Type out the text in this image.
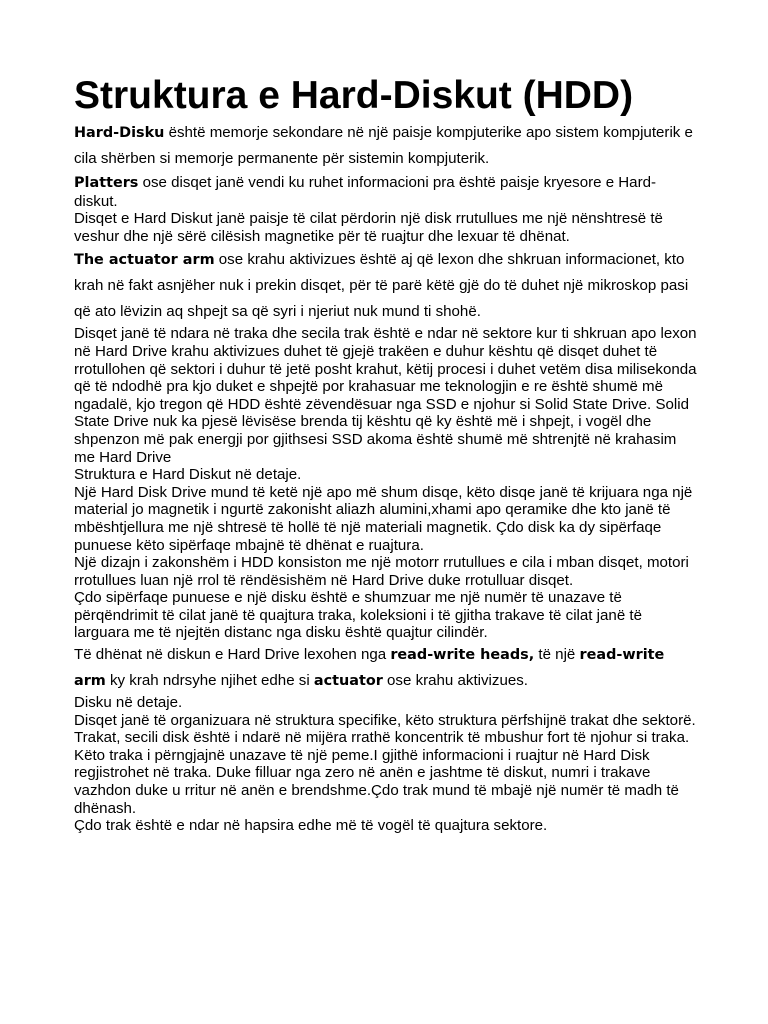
Struktura e Hard-Diskut (HDD)

Hard-Disku është memorje sekondare në një paisje kompjuterike apo sistem kompjuterik e cila shërben si memorje permanente për sistemin kompjuterik.

Platters ose disqet janë vendi ku ruhet informacioni pra është paisje kryesore e Hard-diskut.

Disqet e Hard Diskut janë paisje të cilat përdorin një disk rrutullues me një nënshtresë të veshur dhe një sërë cilësish magnetike për të ruajtur dhe lexuar të dhënat.

The actuator arm ose krahu aktivizues është aj që lexon dhe shkruan informacionet, kto krah në fakt asnjëher nuk i prekin disqet, për të parë këtë gjë do të duhet një mikroskop pasi që ato lëvizin aq shpejt sa që syri i njeriut nuk mund ti shohë.

Disqet janë të ndara në traka dhe secila trak është e ndar në sektore kur ti shkruan apo lexon në Hard Drive krahu aktivizues duhet të gjejë trakëen e duhur kështu që disqet duhet të rrotullohen që sektori i duhur të jetë posht krahut, këtij procesi i duhet vetëm disa milisekonda që të ndodhë pra kjo duket e shpejtë por krahasuar me teknologjin e re është shumë më ngadalë, kjo tregon që HDD është zëvendësuar nga SSD e njohur si Solid State Drive. Solid State Drive nuk ka pjesë lëvisëse brenda tij kështu që ky është më i shpejt, i vogël dhe shpenzon më pak energji por gjithsesi SSD akoma është shumë më shtrenjtë në krahasim me Hard Drive

Struktura e Hard Diskut në detaje.

Një Hard Disk Drive mund të ketë një apo më shum disqe, këto disqe janë të krijuara nga një material jo magnetik i ngurtë zakonisht aliazh alumini,xhami apo qeramike dhe kto janë të mbështjellura me një shtresë të hollë të një materiali magnetik. Çdo disk ka dy sipërfaqe punuese këto sipërfaqe mbajnë të dhënat e ruajtura.

Një dizajn i zakonshëm i HDD konsiston me një motorr rrutullues e cila i mban disqet, motori rrotullues luan një rrol të rëndësishëm në Hard Drive duke rrotulluar disqet.

Çdo sipërfaqe punuese e një disku është e shumzuar me një numër të unazave të përqëndrimit të cilat janë të quajtura traka, koleksioni i të gjitha trakave të cilat janë të larguara me të njejtën distanc nga disku është quajtur cilindër.

Të dhënat në diskun e Hard Drive lexohen nga read-write heads, të një read-write arm ky krah ndrsyhe njihet edhe si actuator ose krahu aktivizues.

Disku në detaje.

Disqet janë të organizuara në struktura specifike, këto struktura përfshijnë trakat dhe sektorë.

Trakat, secili disk është i ndarë në mijëra rrathë koncentrik të mbushur fort të njohur si traka. Këto traka i përngjajnë unazave të një peme.I gjithë informacioni i ruajtur në Hard Disk regjistrohet në traka. Duke filluar nga zero në anën e jashtme të diskut, numri i trakave vazhdon duke u rritur në anën e brendshme.Çdo trak mund të mbajë një numër të madh të dhënash.

Çdo trak është e ndar në hapsira edhe më të vogël të quajtura sektore.
